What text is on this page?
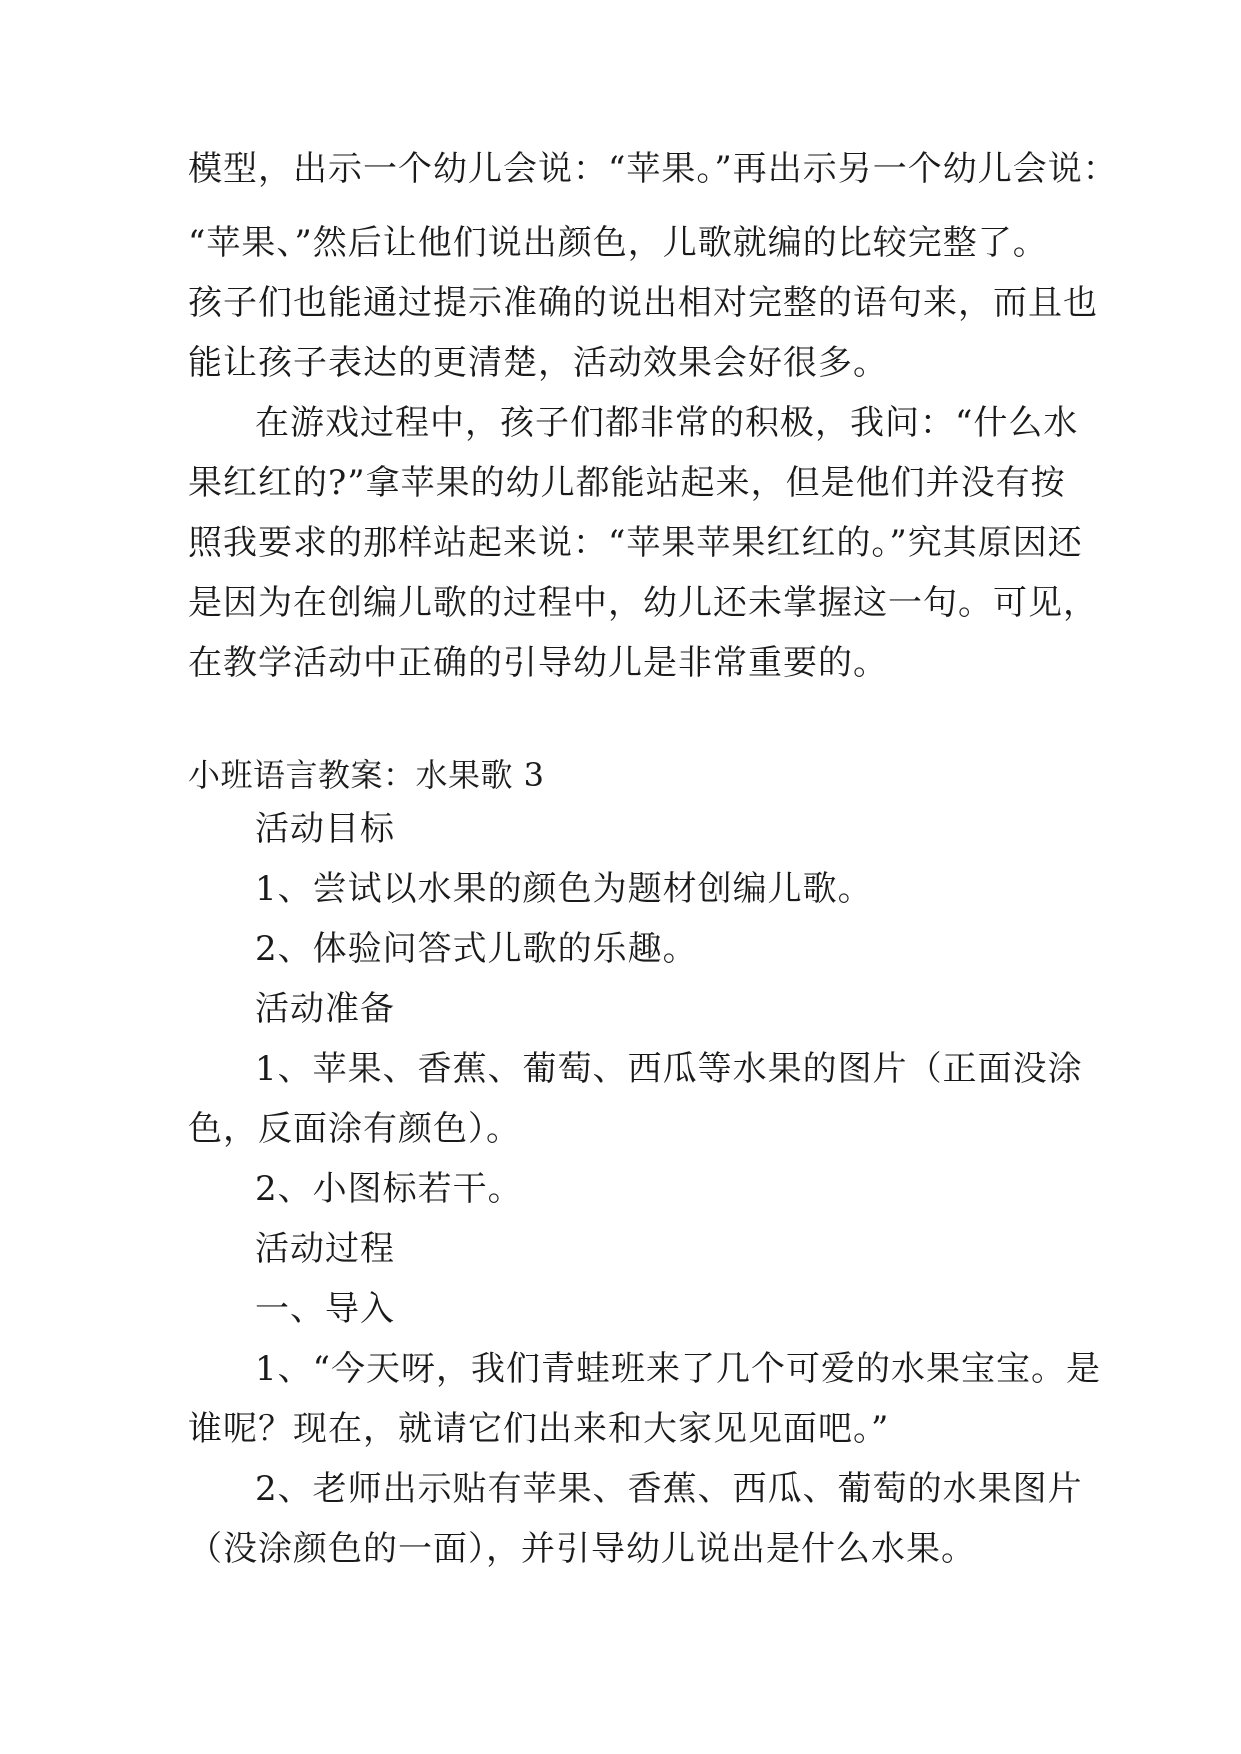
模型，出示一个幼儿会说：“苹果。”再出示另一个幼儿会说：
“苹果、”然后让他们说出颜色，儿歌就编的比较完整了。
孩子们也能通过提示准确的说出相对完整的语句来，而且也
能让孩子表达的更清楚，活动效果会好很多。
在游戏过程中，孩子们都非常的积极，我问：“什么水
果红红的?”拿苹果的幼儿都能站起来，但是他们并没有按
照我要求的那样站起来说：“苹果苹果红红的。”究其原因还
是因为在创编儿歌的过程中，幼儿还未掌握这一句。可见，
在教学活动中正确的引导幼儿是非常重要的。
小班语言教案：水果歌 3
活动目标
1、尝试以水果的颜色为题材创编儿歌。
2、体验问答式儿歌的乐趣。
活动准备
1、苹果、香蕉、葡萄、西瓜等水果的图片（正面没涂
色，反面涂有颜色）。
2、小图标若干。
活动过程
一、导入
1、“今天呀，我们青蛙班来了几个可爱的水果宝宝。是
谁呢？现在，就请它们出来和大家见见面吧。”
2、老师出示贴有苹果、香蕉、西瓜、葡萄的水果图片
（没涂颜色的一面），并引导幼儿说出是什么水果。
